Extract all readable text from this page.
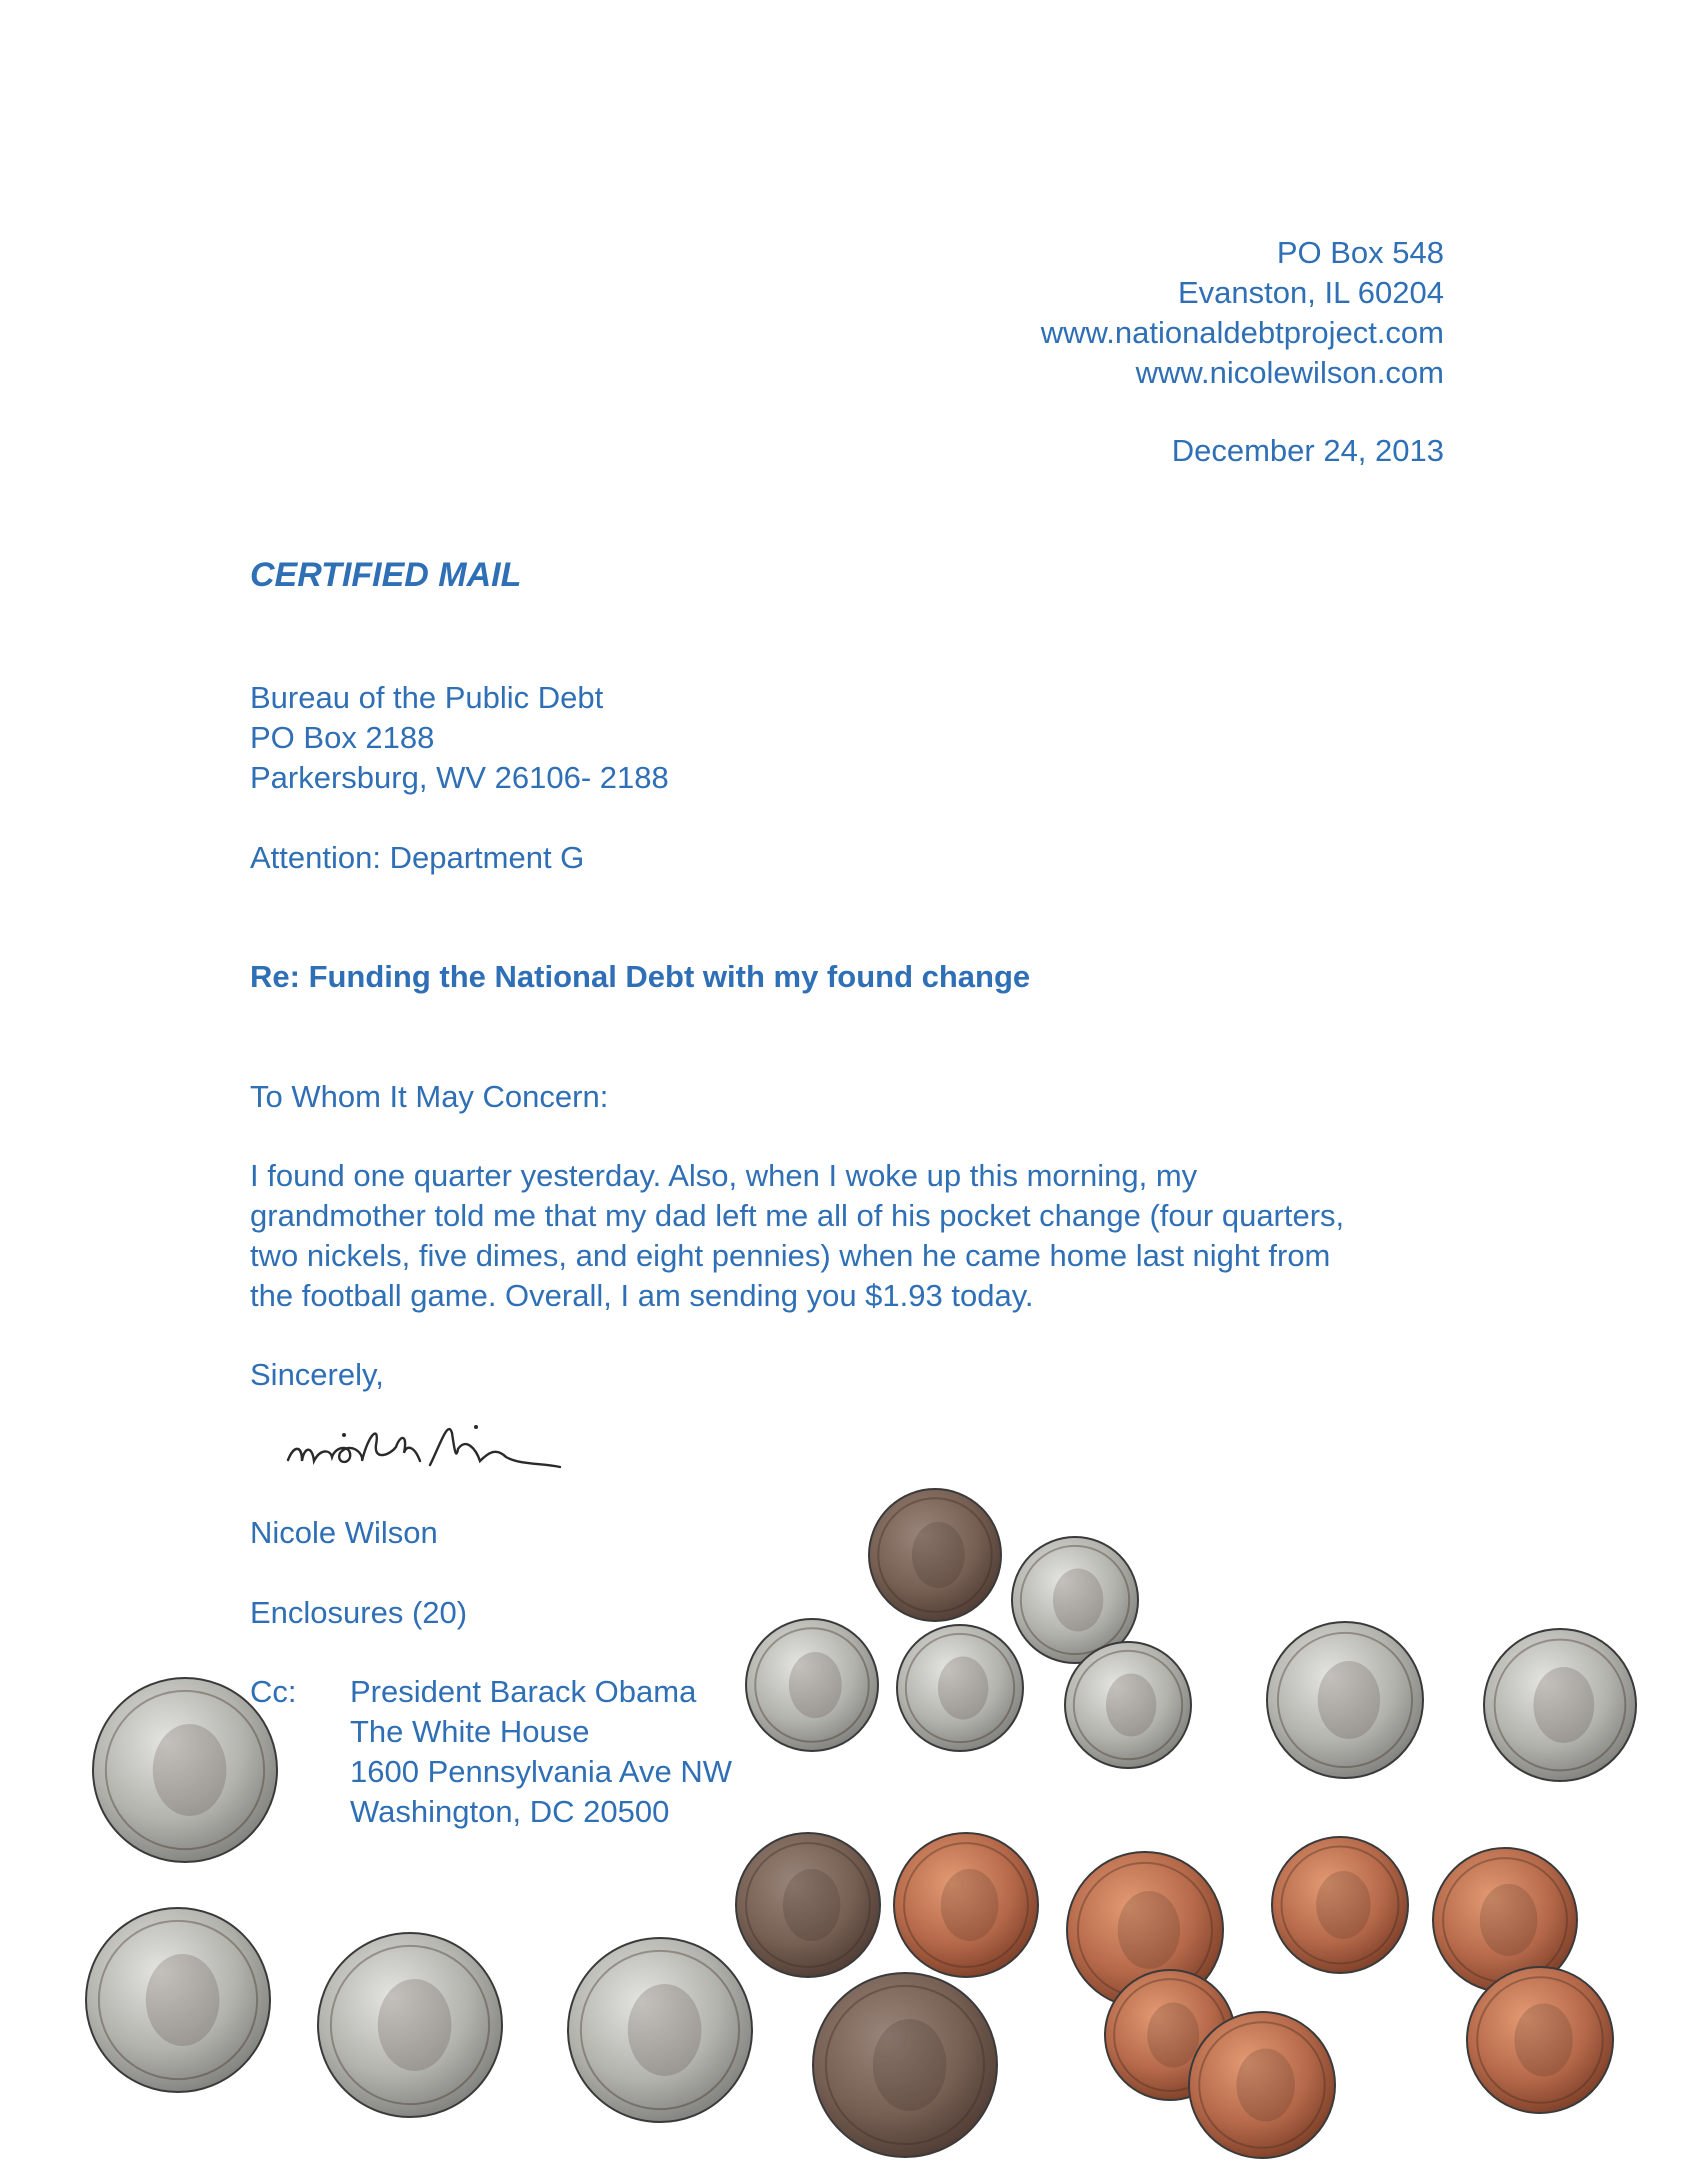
PO Box 548
Evanston, IL 60204
www.nationaldebtproject.com
www.nicolewilson.com
December 24, 2013
CERTIFIED MAIL
Bureau of the Public Debt
PO Box 2188
Parkersburg, WV 26106- 2188
Attention: Department G
Re: Funding the National Debt with my found change
To Whom It May Concern:
I found one quarter yesterday. Also, when I woke up this morning, my
grandmother told me that my dad left me all of his pocket change (four quarters,
two nickels, five dimes, and eight pennies) when he came home last night from
the football game. Overall, I am sending you $1.93 today.
Sincerely,
Nicole Wilson
Enclosures (20)
Cc: President Barack Obama
The White House
1600 Pennsylvania Ave NW
Washington, DC 20500
